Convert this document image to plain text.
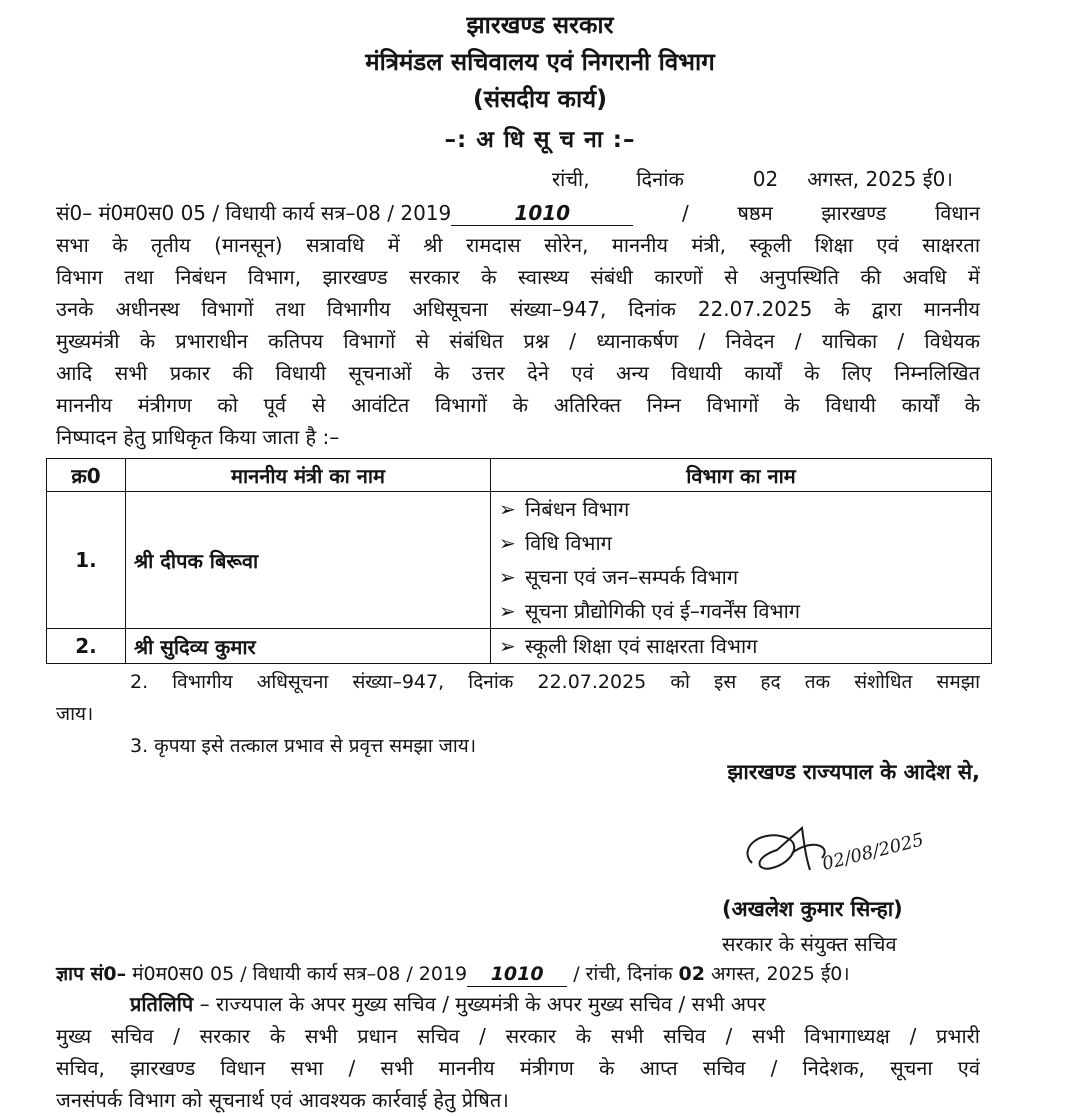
झारखण्ड सरकार
मंत्रिमंडल सचिवालय एवं निगरानी विभाग
(संसदीय कार्य)
–: अ धि सू च ना :–
रांची, दिनांक	02 अगस्त, 2025 ई0।
सं0– मं0म0स0 05 / विधायी कार्य सत्र–08 / 2019	1010	/ षष्ठम झारखण्ड विधान
सभा के तृतीय (मानसून) सत्रावधि में श्री रामदास सोरेन, माननीय मंत्री, स्कूली शिक्षा एवं साक्षरता
विभाग तथा निबंधन विभाग, झारखण्ड सरकार के स्वास्थ्य संबंधी कारणों से अनुपस्थिति की अवधि में
उनके अधीनस्थ विभागों तथा विभागीय अधिसूचना संख्या–947, दिनांक 22.07.2025 के द्वारा माननीय
मुख्यमंत्री के प्रभाराधीन कतिपय विभागों से संबंधित प्रश्न / ध्यानाकर्षण / निवेदन / याचिका / विधेयक
आदि सभी प्रकार की विधायी सूचनाओं के उत्तर देने एवं अन्य विधायी कार्यों के लिए निम्नलिखित
माननीय मंत्रीगण को पूर्व से आवंटित विभागों के अतिरिक्त निम्न विभागों के विधायी कार्यों के
निष्पादन हेतु प्राधिकृत किया जाता है :–
क्र0	माननीय मंत्री का नाम	विभाग का नाम
1.	श्री दीपक बिरूवा	➢ निबंधन विभाग
➢ विधि विभाग
➢ सूचना एवं जन–सम्पर्क विभाग
➢ सूचना प्रौद्योगिकी एवं ई–गवर्नेंस विभाग

2.	श्री सुदिव्य कुमार	➢ स्कूली शिक्षा एवं साक्षरता विभाग
2. विभागीय अधिसूचना संख्या–947, दिनांक 22.07.2025 को इस हद तक संशोधित समझा
जाय।
3. कृपया इसे तत्काल प्रभाव से प्रवृत्त समझा जाय।
झारखण्ड राज्यपाल के आदेश से,
02/08/2025
(अखलेश कुमार सिन्हा)
सरकार के संयुक्त सचिव
ज्ञाप सं0– मं0म0स0 05 / विधायी कार्य सत्र–08 / 2019 1010 / रांची, दिनांक 02 अगस्त, 2025 ई0।
प्रतिलिपि – राज्यपाल के अपर मुख्य सचिव / मुख्यमंत्री के अपर मुख्य सचिव / सभी अपर
मुख्य सचिव / सरकार के सभी प्रधान सचिव / सरकार के सभी सचिव / सभी विभागाध्यक्ष / प्रभारी
सचिव, झारखण्ड विधान सभा / सभी माननीय मंत्रीगण के आप्त सचिव / निदेशक, सूचना एवं
जनसंपर्क विभाग को सूचनार्थ एवं आवश्यक कार्रवाई हेतु प्रेषित।
